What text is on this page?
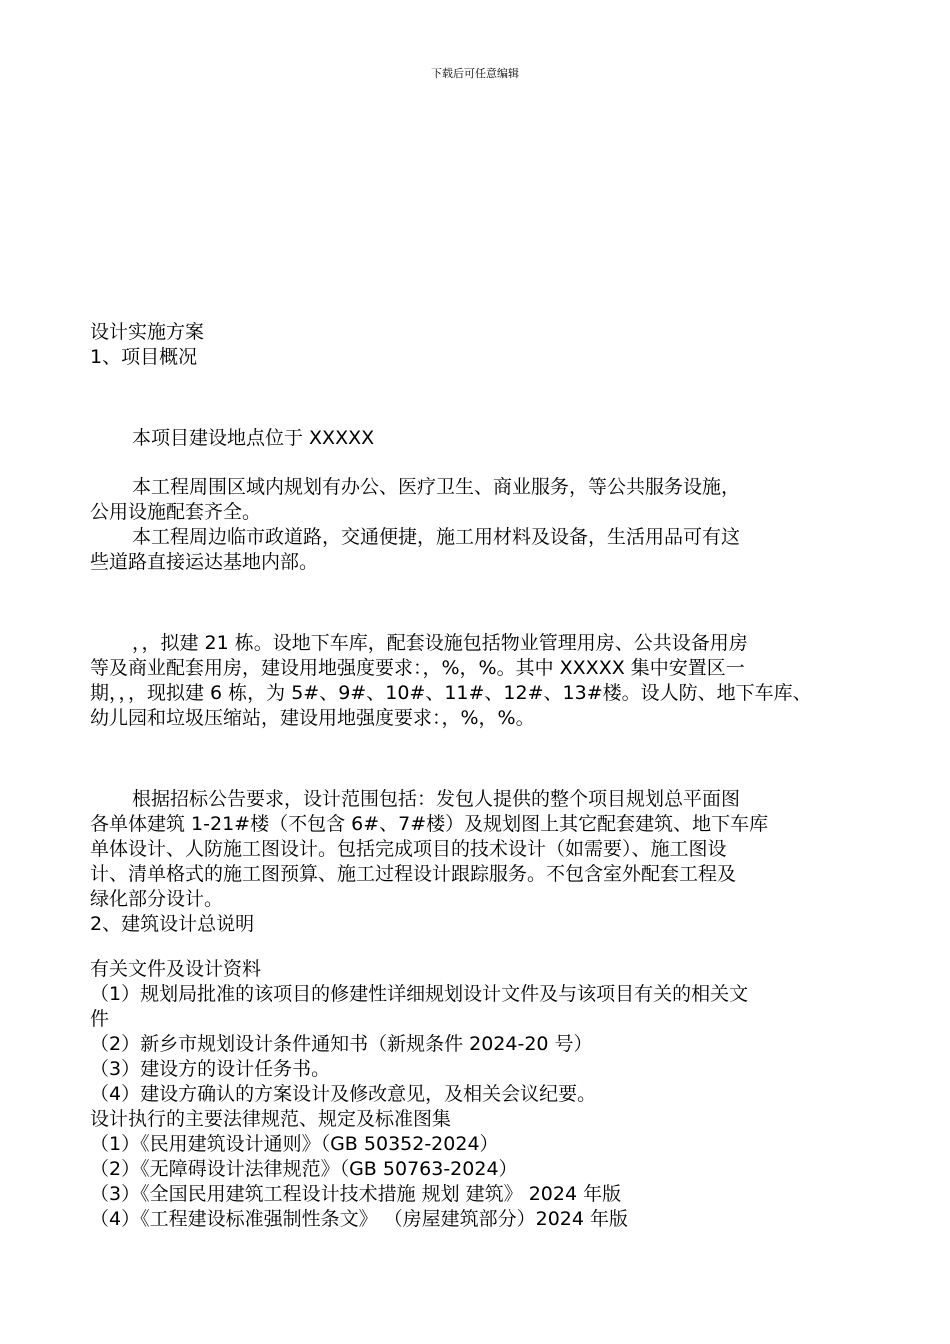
下载后可任意编辑
设计实施方案
1、项目概况
本项目建设地点位于 XXXXX
本工程周围区域内规划有办公、医疗卫生、商业服务，等公共服务设施，
公用设施配套齐全。
本工程周边临市政道路，交通便捷，施工用材料及设备，生活用品可有这
些道路直接运达基地内部。
，，拟建 21 栋。设地下车库，配套设施包括物业管理用房、公共设备用房
等及商业配套用房，建设用地强度要求：，%，%。其中 XXXXX 集中安置区一
期，，，现拟建 6 栋，为 5#、9#、10#、11#、12#、13#楼。设人防、地下车库、
幼儿园和垃圾压缩站，建设用地强度要求：，%，%。
根据招标公告要求，设计范围包括：发包人提供的整个项目规划总平面图
各单体建筑 1-21#楼（不包含 6#、7#楼）及规划图上其它配套建筑、地下车库
单体设计、人防施工图设计。包括完成项目的技术设计（如需要）、施工图设
计、清单格式的施工图预算、施工过程设计跟踪服务。不包含室外配套工程及
绿化部分设计。
2、建筑设计总说明
有关文件及设计资料
（1）规划局批准的该项目的修建性详细规划设计文件及与该项目有关的相关文
件
（2）新乡市规划设计条件通知书（新规条件 2024-20 号）
（3）建设方的设计任务书。
（4）建设方确认的方案设计及修改意见，及相关会议纪要。
设计执行的主要法律规范、规定及标准图集
（1）《民用建筑设计通则》（GB 50352-2024）
（2）《无障碍设计法律规范》（GB 50763-2024）
（3）《全国民用建筑工程设计技术措施 规划 建筑》 2024 年版
（4）《工程建设标准强制性条文》 （房屋建筑部分）2024 年版
